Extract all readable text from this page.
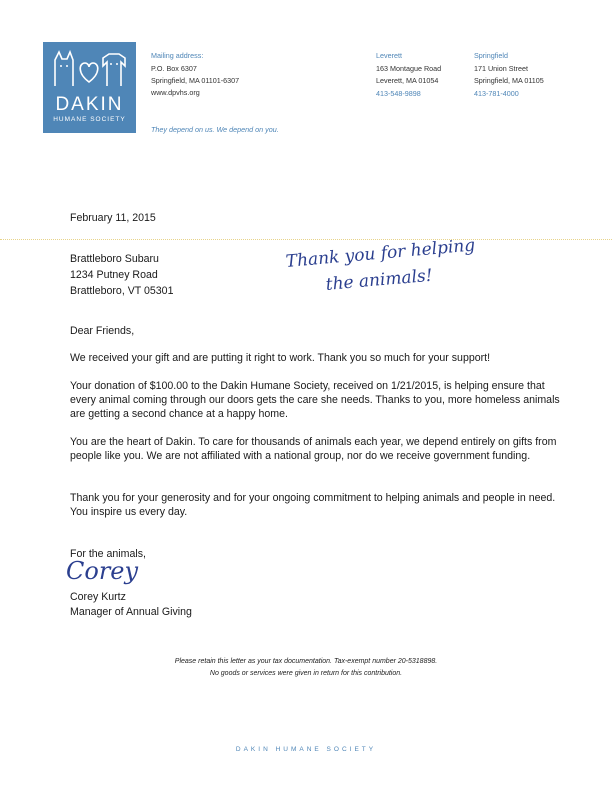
DAKIN
HUMANE SOCIETY
Mailing address:
P.O. Box 6307
Springfield, MA 01101-6307
www.dpvhs.org
They depend on us. We depend on you.
Leverett
163 Montague Road
Leverett, MA 01054
413-548-9898
Springfield
171 Union Street
Springfield, MA 01105
413-781-4000
February 11, 2015
Brattleboro Subaru
1234 Putney Road
Brattleboro, VT 05301
Thank you for helping
the animals!
Dear Friends,
We received your gift and are putting it right to work. Thank you so much for your support!
Your donation of $100.00 to the Dakin Humane Society, received on 1/21/2015, is helping ensure that every animal coming through our doors gets the care she needs. Thanks to you, more homeless animals are getting a second chance at a happy home.
You are the heart of Dakin. To care for thousands of animals each year, we depend entirely on gifts from people like you. We are not affiliated with a national group, nor do we receive government funding.
Thank you for your generosity and for your ongoing commitment to helping animals and people in need. You inspire us every day.
For the animals,
Corey
Corey Kurtz
Manager of Annual Giving
Please retain this letter as your tax documentation. Tax-exempt number 20-5318898.
No goods or services were given in return for this contribution.
DAKIN HUMANE SOCIETY
